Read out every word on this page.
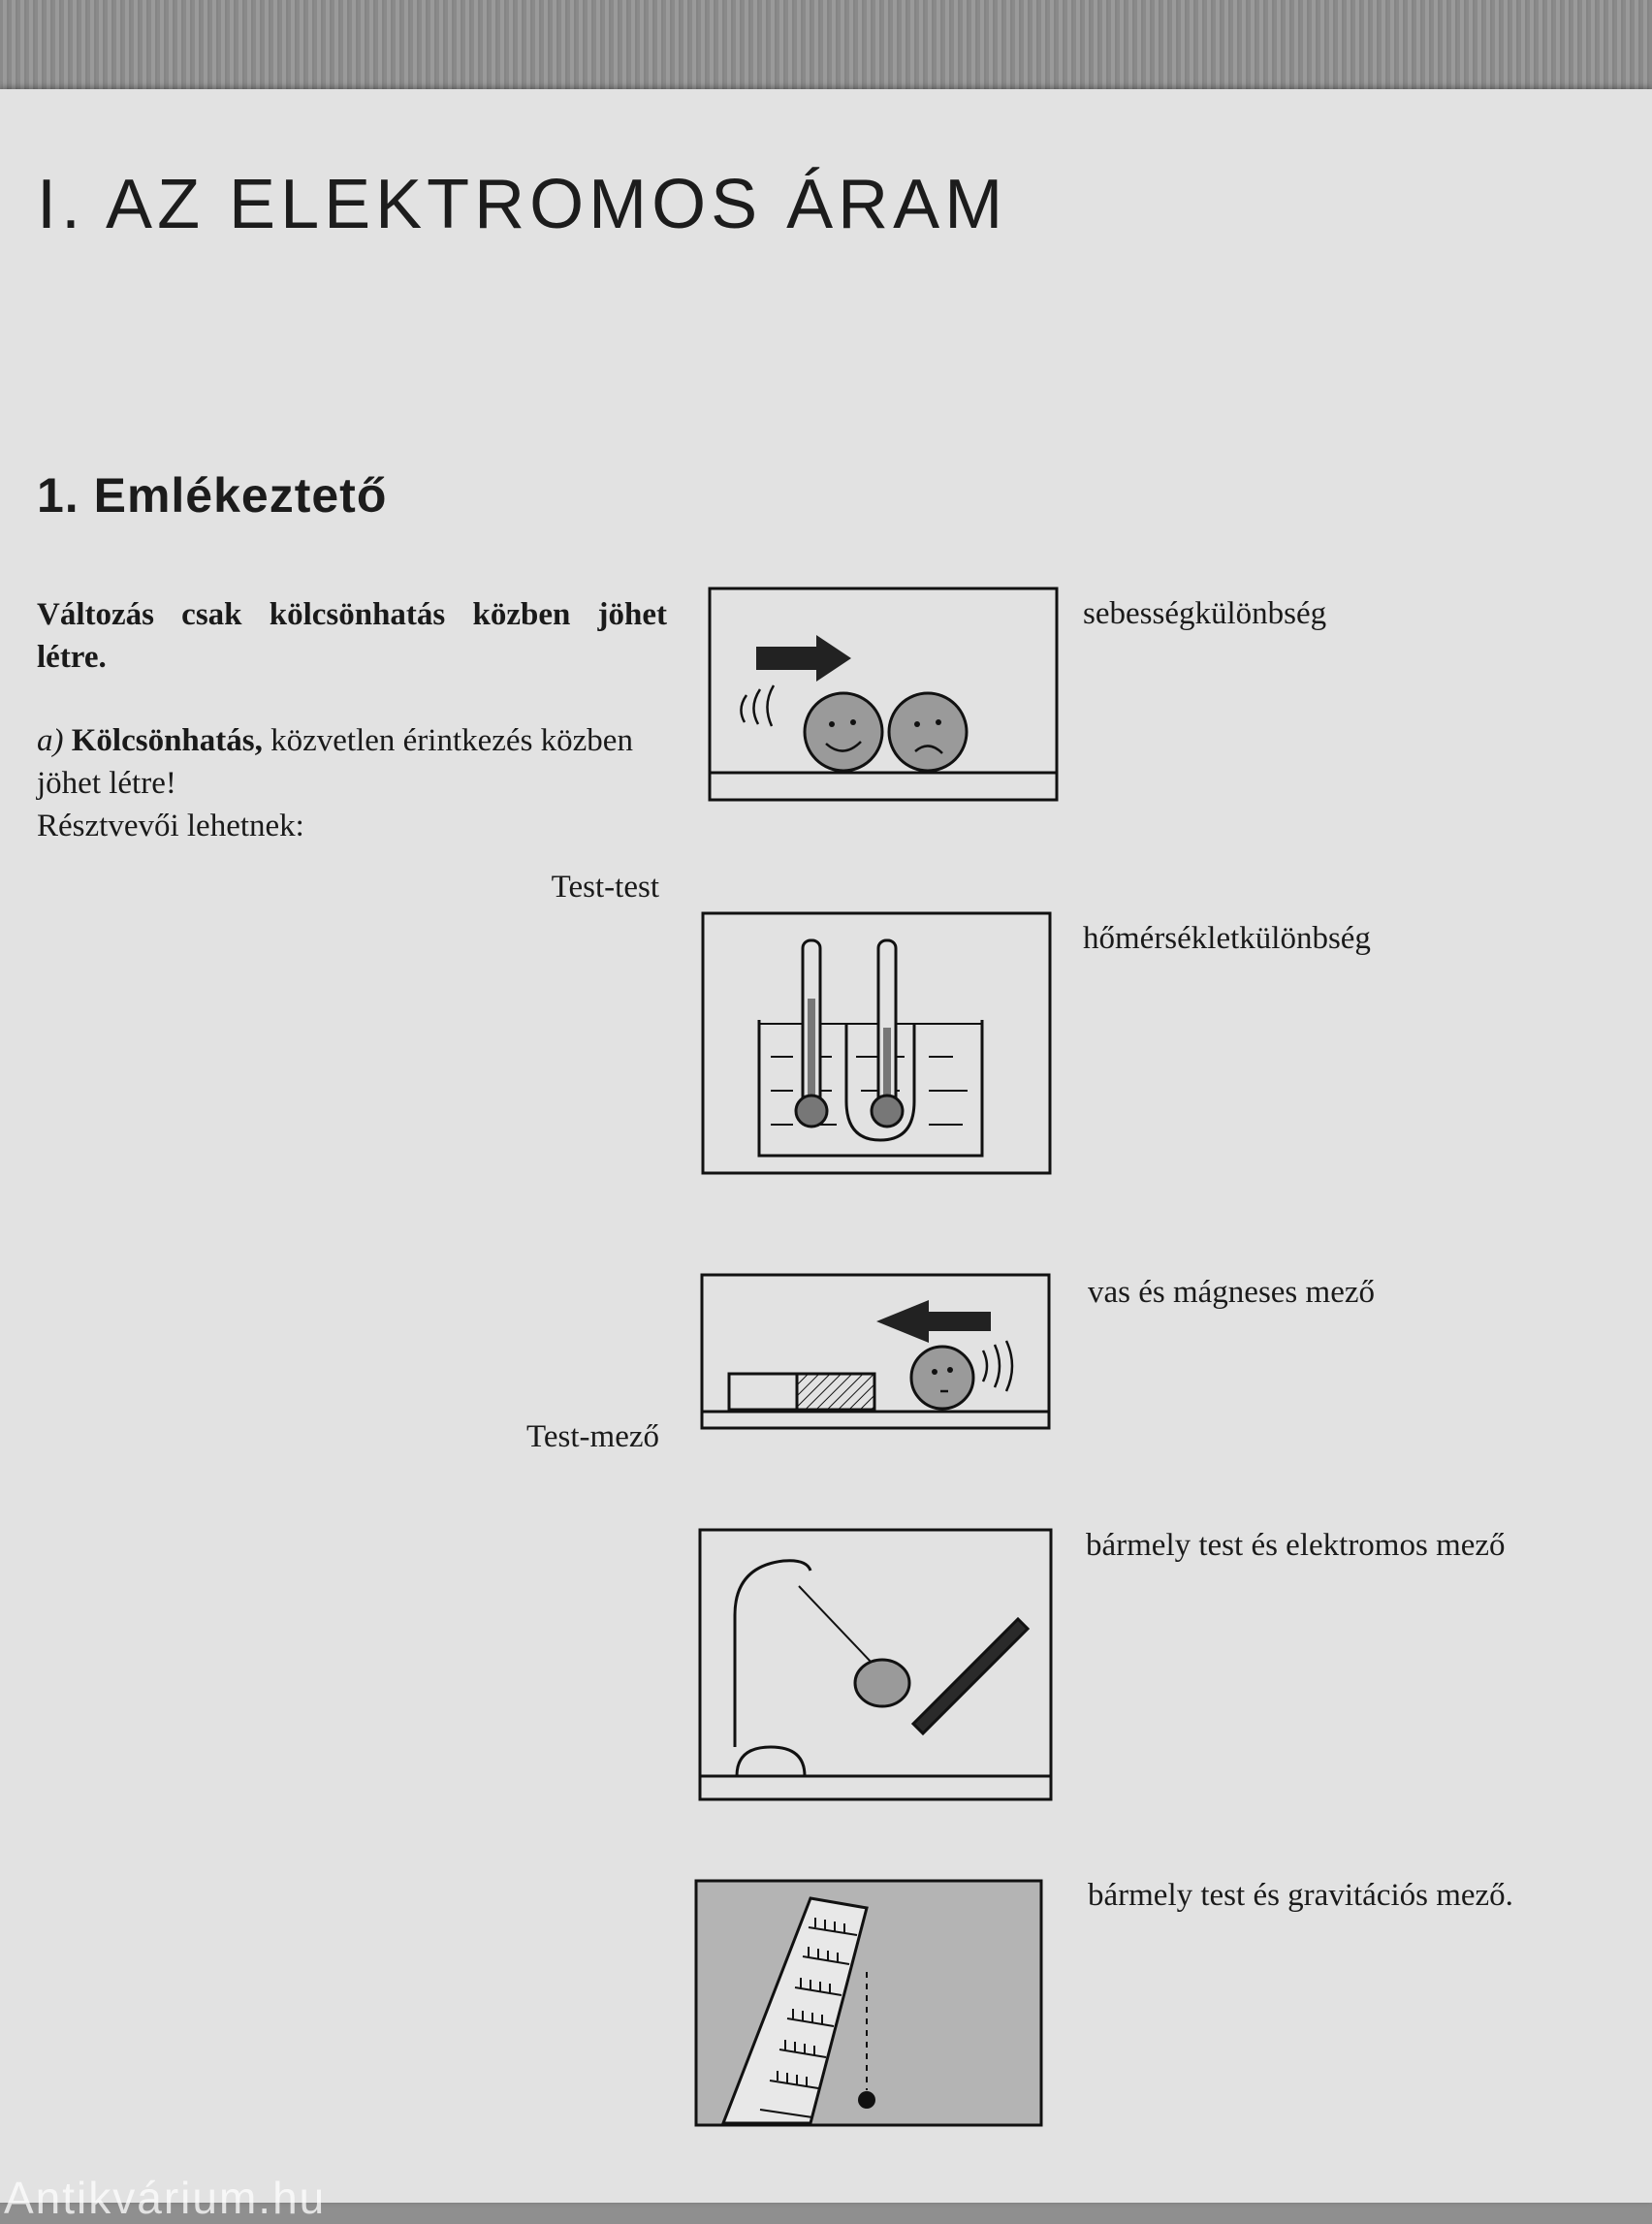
I. AZ ELEKTROMOS ÁRAM
1. Emlékeztető

Változás csak kölcsönhatás közben jöhet létre.

a) Kölcsönhatás, közvetlen érintkezés közben jöhet létre!
Résztvevői lehetnek:
Test-test
Test-mező
sebességkülönbség
hőmérsékletkülönbség
vas és mágneses mező
bármely test és elektromos mező
bármely test és gravitációs mező.
Antikvárium.hu
